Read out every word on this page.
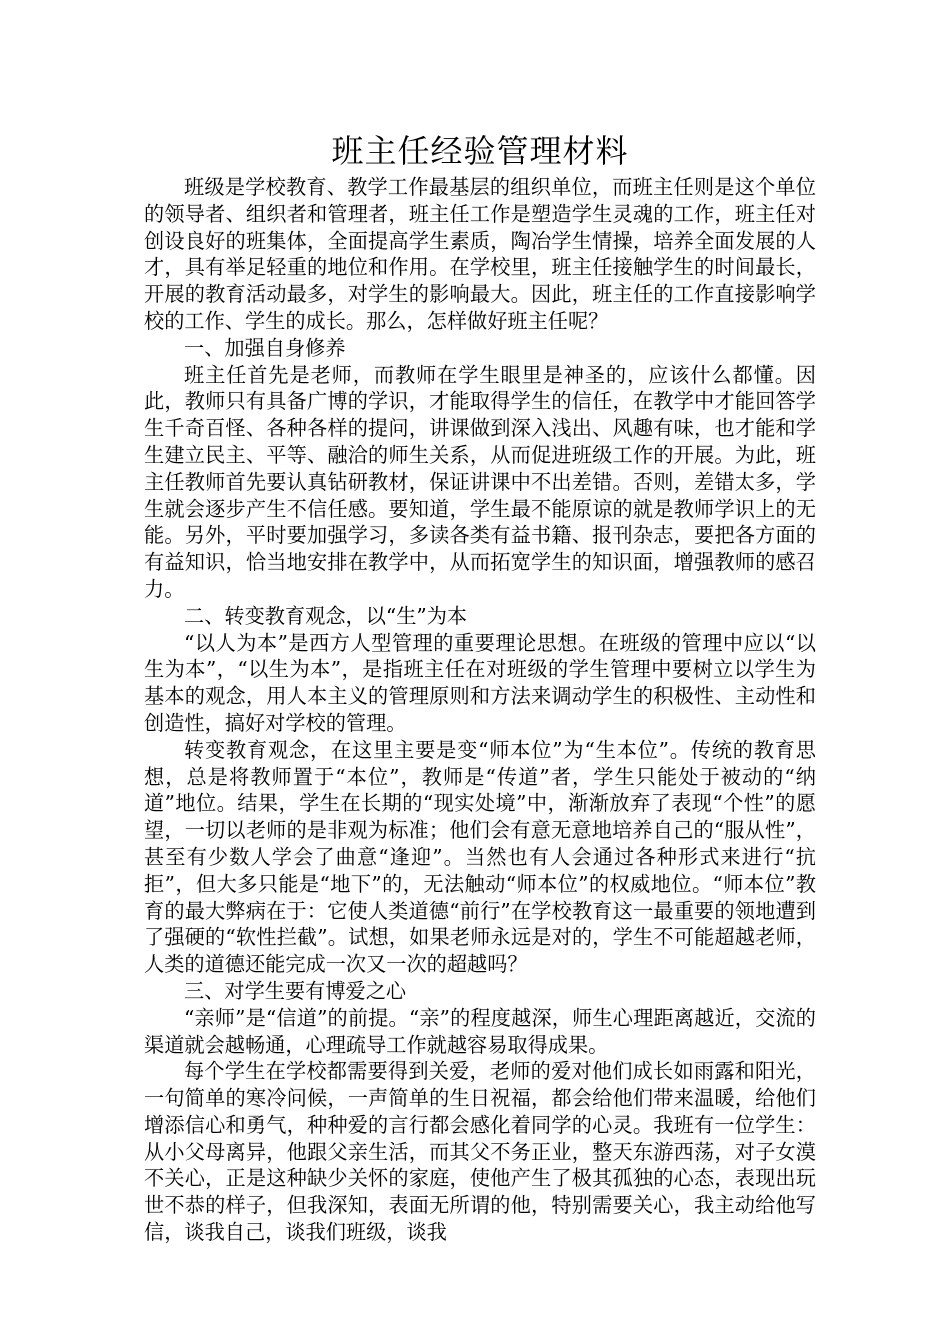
班主任经验管理材料

班级是学校教育、教学工作最基层的组织单位，而班主任则是这个单位的领导者、组织者和管理者，班主任工作是塑造学生灵魂的工作，班主任对创设良好的班集体，全面提高学生素质，陶冶学生情操，培养全面发展的人才，具有举足轻重的地位和作用。在学校里，班主任接触学生的时间最长，开展的教育活动最多，对学生的影响最大。因此，班主任的工作直接影响学校的工作、学生的成长。那么，怎样做好班主任呢？

一、加强自身修养

班主任首先是老师，而教师在学生眼里是神圣的，应该什么都懂。因此，教师只有具备广博的学识，才能取得学生的信任，在教学中才能回答学生千奇百怪、各种各样的提问，讲课做到深入浅出、风趣有味，也才能和学生建立民主、平等、融洽的师生关系，从而促进班级工作的开展。为此，班主任教师首先要认真钻研教材，保证讲课中不出差错。否则，差错太多，学生就会逐步产生不信任感。要知道，学生最不能原谅的就是教师学识上的无能。另外，平时要加强学习，多读各类有益书籍、报刊杂志，要把各方面的有益知识，恰当地安排在教学中，从而拓宽学生的知识面，增强教师的感召力。

二、转变教育观念，以“生”为本

“以人为本”是西方人型管理的重要理论思想。在班级的管理中应以“以生为本”，“以生为本”，是指班主任在对班级的学生管理中要树立以学生为基本的观念，用人本主义的管理原则和方法来调动学生的积极性、主动性和创造性，搞好对学校的管理。

转变教育观念，在这里主要是变“师本位”为“生本位”。传统的教育思想，总是将教师置于“本位”，教师是“传道”者，学生只能处于被动的“纳道”地位。结果，学生在长期的“现实处境”中，渐渐放弃了表现“个性”的愿望，一切以老师的是非观为标准；他们会有意无意地培养自己的“服从性”，甚至有少数人学会了曲意“逢迎”。当然也有人会通过各种形式来进行“抗拒”，但大多只能是“地下”的，无法触动“师本位”的权威地位。“师本位”教育的最大弊病在于：它使人类道德“前行”在学校教育这一最重要的领地遭到了强硬的“软性拦截”。试想，如果老师永远是对的，学生不可能超越老师，人类的道德还能完成一次又一次的超越吗？

三、对学生要有博爱之心

“亲师”是“信道”的前提。“亲”的程度越深，师生心理距离越近，交流的渠道就会越畅通，心理疏导工作就越容易取得成果。

每个学生在学校都需要得到关爱，老师的爱对他们成长如雨露和阳光，一句简单的寒冷问候，一声简单的生日祝福，都会给他们带来温暖，给他们增添信心和勇气，种种爱的言行都会感化着同学的心灵。我班有一位学生：从小父母离异，他跟父亲生活，而其父不务正业，整天东游西荡，对子女漠不关心，正是这种缺少关怀的家庭，使他产生了极其孤独的心态，表现出玩世不恭的样子，但我深知，表面无所谓的他，特别需要关心，我主动给他写信，谈我自己，谈我们班级，谈我
